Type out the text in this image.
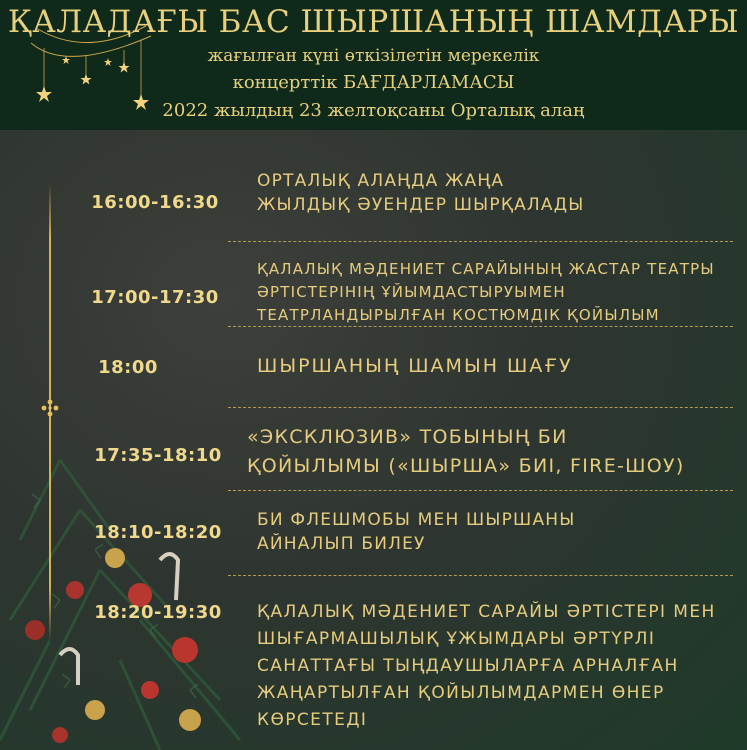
ҚАЛАДАҒЫ БАС ШЫРШАНЫҢ ШАМДАРЫ
жағылған күні өткізілетін мерекелік
концерттік БАҒДАРЛАМАСЫ
2022 жылдың 23 желтоқсаны Орталық алаң
16:00-16:30
ОРТАЛЫҚ АЛАҢДА ЖАҢА
ЖЫЛДЫҚ ӘУЕНДЕР ШЫРҚАЛАДЫ
17:00-17:30
ҚАЛАЛЫҚ МӘДЕНИЕТ САРАЙЫНЫҢ ЖАСТАР ТЕАТРЫ
ӘРТІСТЕРІНІҢ ҰЙЫМДАСТЫРУЫМЕН
ТЕАТРЛАНДЫРЫЛҒАН КОСТЮМДІК ҚОЙЫЛЫМ
18:00	ШЫРШАНЫҢ ШАМЫН ШАҒУ
17:35-18:10
«ЭКСКЛЮЗИВ» ТОБЫНЫҢ БИ
ҚОЙЫЛЫМЫ («ШЫРША» БИІ, FIRE-ШОУ)
18:10-18:20
БИ ФЛЕШМОБЫ МЕН ШЫРШАНЫ
АЙНАЛЫП БИЛЕУ
18:20-19:30	ҚАЛАЛЫҚ МӘДЕНИЕТ САРАЙЫ ӘРТІСТЕРІ МЕН
ШЫҒАРМАШЫЛЫҚ ҰЖЫМДАРЫ ӘРТҮРЛІ
САНАТТАҒЫ ТЫҢДАУШЫЛАРҒА АРНАЛҒАН
ЖАҢАРТЫЛҒАН ҚОЙЫЛЫМДАРМЕН ӨНЕР
КӨРСЕТЕДІ
